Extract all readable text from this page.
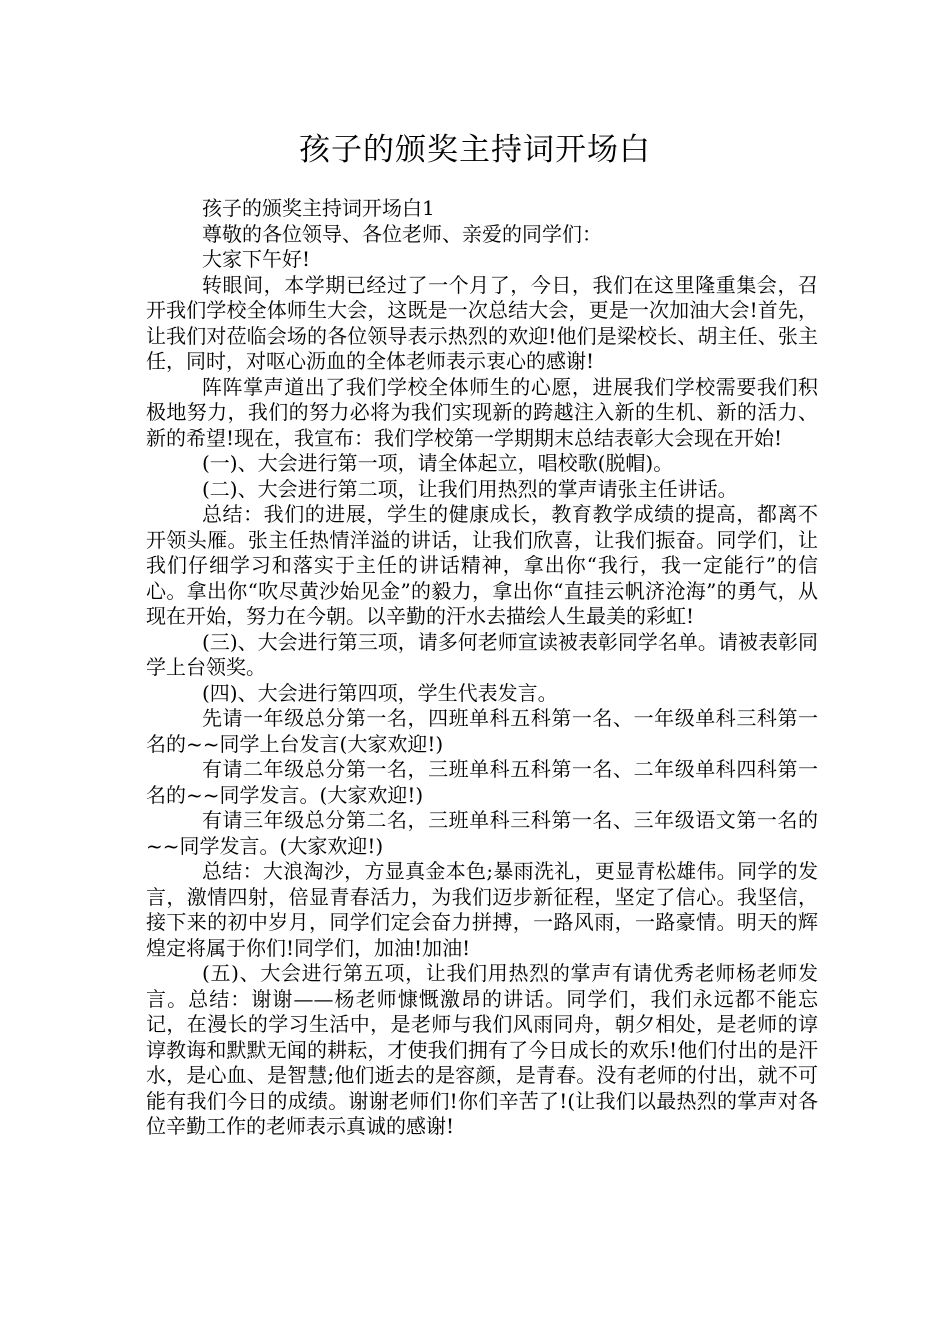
孩子的颁奖主持词开场白

孩子的颁奖主持词开场白1

尊敬的各位领导、各位老师、亲爱的同学们：

大家下午好!

转眼间，本学期已经过了一个月了，今日，我们在这里隆重集会，召开我们学校全体师生大会，这既是一次总结大会，更是一次加油大会!首先，让我们对莅临会场的各位领导表示热烈的欢迎!他们是梁校长、胡主任、张主任，同时，对呕心沥血的全体老师表示衷心的感谢!

阵阵掌声道出了我们学校全体师生的心愿，进展我们学校需要我们积极地努力，我们的努力必将为我们实现新的跨越注入新的生机、新的活力、新的希望!现在，我宣布：我们学校第一学期期末总结表彰大会现在开始!

(一)、大会进行第一项，请全体起立，唱校歌(脱帽)。

(二)、大会进行第二项，让我们用热烈的掌声请张主任讲话。

总结：我们的进展，学生的健康成长，教育教学成绩的提高，都离不开领头雁。张主任热情洋溢的讲话，让我们欣喜，让我们振奋。同学们，让我们仔细学习和落实于主任的讲话精神，拿出你“我行，我一定能行”的信心。拿出你“吹尽黄沙始见金”的毅力，拿出你“直挂云帆济沧海”的勇气，从现在开始，努力在今朝。以辛勤的汗水去描绘人生最美的彩虹!

(三)、大会进行第三项，请多何老师宣读被表彰同学名单。请被表彰同学上台领奖。

(四)、大会进行第四项，学生代表发言。

先请一年级总分第一名，四班单科五科第一名、一年级单科三科第一名的~~同学上台发言(大家欢迎!)

有请二年级总分第一名，三班单科五科第一名、二年级单科四科第一名的~~同学发言。(大家欢迎!)

有请三年级总分第二名，三班单科三科第一名、三年级语文第一名的~~同学发言。(大家欢迎!)

总结：大浪淘沙，方显真金本色;暴雨洗礼，更显青松雄伟。同学的发言，激情四射，倍显青春活力，为我们迈步新征程，坚定了信心。我坚信，接下来的初中岁月，同学们定会奋力拼搏，一路风雨，一路豪情。明天的辉煌定将属于你们!同学们，加油!加油!

(五)、大会进行第五项，让我们用热烈的掌声有请优秀老师杨老师发言。总结：谢谢——杨老师慷慨激昂的讲话。同学们，我们永远都不能忘记，在漫长的学习生活中，是老师与我们风雨同舟，朝夕相处，是老师的谆谆教诲和默默无闻的耕耘，才使我们拥有了今日成长的欢乐!他们付出的是汗水，是心血、是智慧;他们逝去的是容颜，是青春。没有老师的付出，就不可能有我们今日的成绩。谢谢老师们!你们辛苦了!(让我们以最热烈的掌声对各位辛勤工作的老师表示真诚的感谢!
